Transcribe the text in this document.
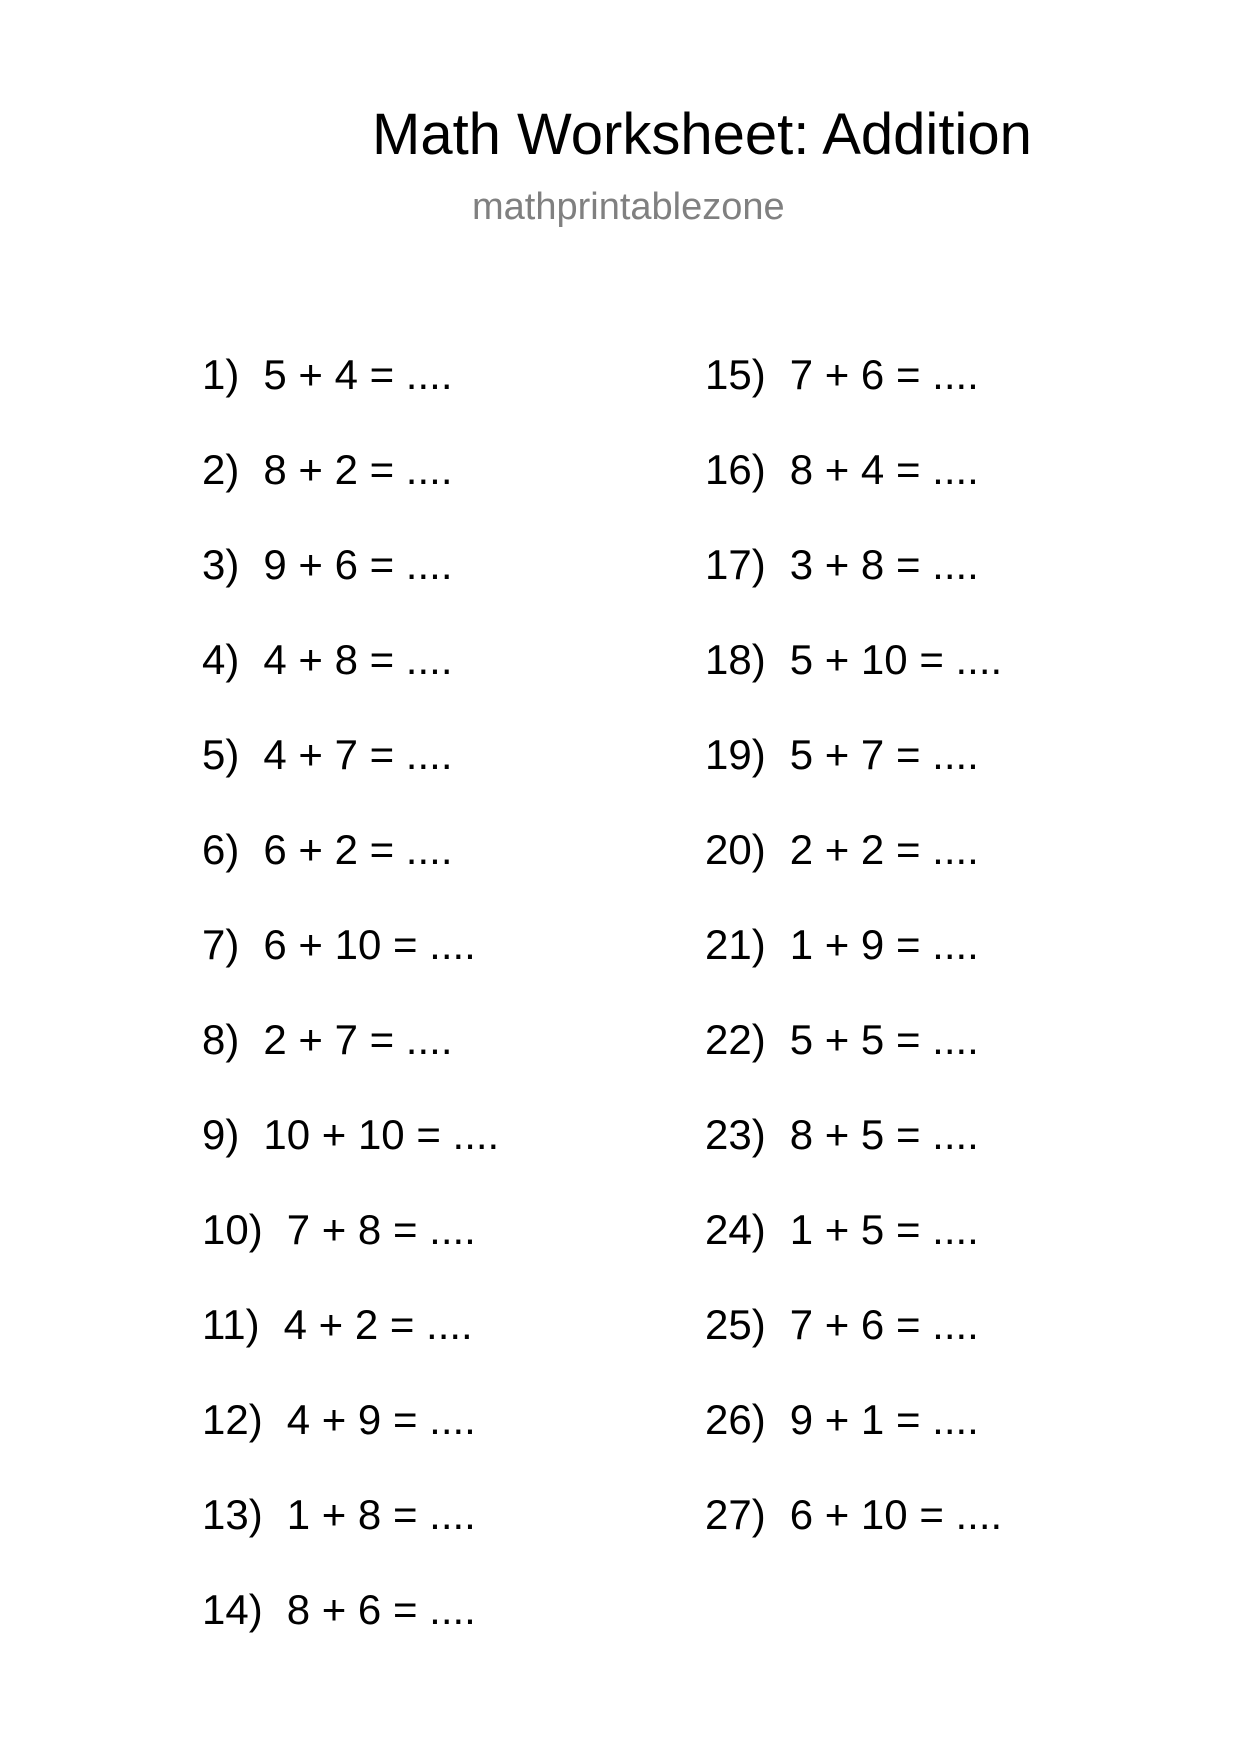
Math Worksheet: Addition
mathprintablezone
1) 5 + 4 = ....
2) 8 + 2 = ....
3) 9 + 6 = ....
4) 4 + 8 = ....
5) 4 + 7 = ....
6) 6 + 2 = ....
7) 6 + 10 = ....
8) 2 + 7 = ....
9) 10 + 10 = ....
10) 7 + 8 = ....
11) 4 + 2 = ....
12) 4 + 9 = ....
13) 1 + 8 = ....
14) 8 + 6 = ....
15) 7 + 6 = ....
16) 8 + 4 = ....
17) 3 + 8 = ....
18) 5 + 10 = ....
19) 5 + 7 = ....
20) 2 + 2 = ....
21) 1 + 9 = ....
22) 5 + 5 = ....
23) 8 + 5 = ....
24) 1 + 5 = ....
25) 7 + 6 = ....
26) 9 + 1 = ....
27) 6 + 10 = ....
